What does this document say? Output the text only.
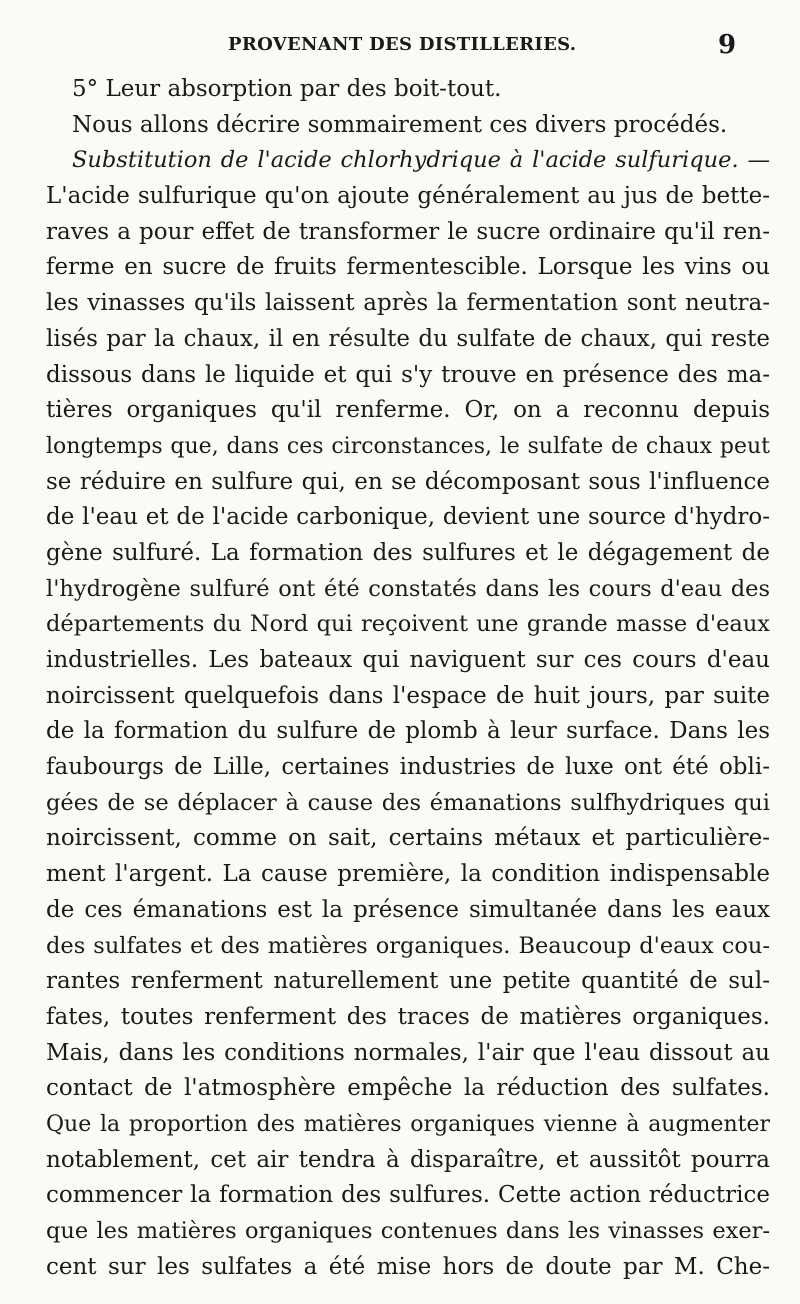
PROVENANT DES DISTILLERIES.	9
5° Leur absorption par des boit-tout.
Nous allons décrire sommairement ces divers procédés.
Substitution de l'acide chlorhydrique à l'acide sulfurique. —
L'acide sulfurique qu'on ajoute généralement au jus de bette-
raves a pour effet de transformer le sucre ordinaire qu'il ren-
ferme en sucre de fruits fermentescible. Lorsque les vins ou
les vinasses qu'ils laissent après la fermentation sont neutra-
lisés par la chaux, il en résulte du sulfate de chaux, qui reste
dissous dans le liquide et qui s'y trouve en présence des ma-
tières organiques qu'il renferme. Or, on a reconnu depuis
longtemps que, dans ces circonstances, le sulfate de chaux peut
se réduire en sulfure qui, en se décomposant sous l'influence
de l'eau et de l'acide carbonique, devient une source d'hydro-
gène sulfuré. La formation des sulfures et le dégagement de
l'hydrogène sulfuré ont été constatés dans les cours d'eau des
départements du Nord qui reçoivent une grande masse d'eaux
industrielles. Les bateaux qui naviguent sur ces cours d'eau
noircissent quelquefois dans l'espace de huit jours, par suite
de la formation du sulfure de plomb à leur surface. Dans les
faubourgs de Lille, certaines industries de luxe ont été obli-
gées de se déplacer à cause des émanations sulfhydriques qui
noircissent, comme on sait, certains métaux et particulière-
ment l'argent. La cause première, la condition indispensable
de ces émanations est la présence simultanée dans les eaux
des sulfates et des matières organiques. Beaucoup d'eaux cou-
rantes renferment naturellement une petite quantité de sul-
fates, toutes renferment des traces de matières organiques.
Mais, dans les conditions normales, l'air que l'eau dissout au
contact de l'atmosphère empêche la réduction des sulfates.
Que la proportion des matières organiques vienne à augmenter
notablement, cet air tendra à disparaître, et aussitôt pourra
commencer la formation des sulfures. Cette action réductrice
que les matières organiques contenues dans les vinasses exer-
cent sur les sulfates a été mise hors de doute par M. Che-
